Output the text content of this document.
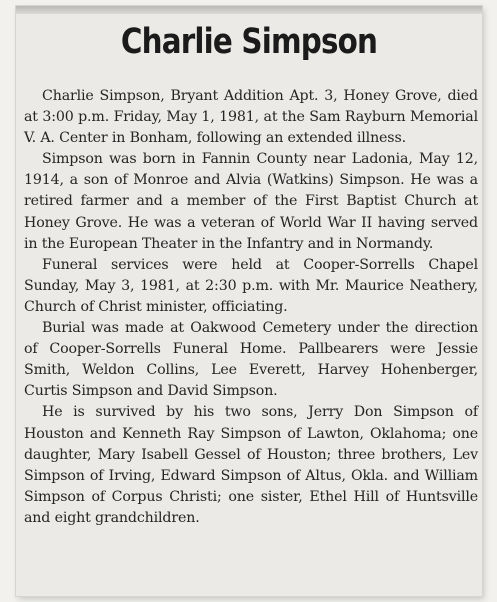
Charlie Simpson

Charlie Simpson, Bryant Addition Apt. 3, Honey Grove, died at 3:00 p.m. Friday, May 1, 1981, at the Sam Rayburn Memorial V. A. Center in Bonham, following an extended illness.

Simpson was born in Fannin County near Ladonia, May 12, 1914, a son of Monroe and Alvia (Watkins) Simpson. He was a retired farmer and a member of the First Baptist Church at Honey Grove. He was a veteran of World War II having served in the European Theater in the Infantry and in Normandy.

Funeral services were held at Cooper-Sorrells Chapel Sunday, May 3, 1981, at 2:30 p.m. with Mr. Maurice Neathery, Church of Christ minister, officiating.

Burial was made at Oakwood Cemetery under the direction of Cooper-Sorrells Funeral Home. Pallbearers were Jessie Smith, Weldon Collins, Lee Everett, Harvey Hohenberger, Curtis Simpson and David Simpson.

He is survived by his two sons, Jerry Don Simpson of Houston and Kenneth Ray Simpson of Lawton, Oklahoma; one daughter, Mary Isabell Gessel of Houston; three brothers, Lev Simpson of Irving, Edward Simpson of Altus, Okla. and William Simpson of Corpus Christi; one sister, Ethel Hill of Huntsville and eight grandchildren.
